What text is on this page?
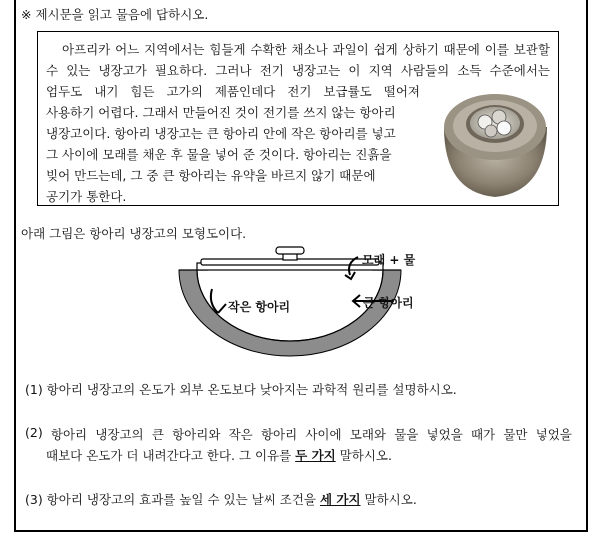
※ 제시문을 읽고 물음에 답하시오.
아프리카 어느 지역에서는 힘들게 수확한 채소나 과일이 쉽게 상하기 때문에 이를 보관할
수 있는 냉장고가 필요하다. 그러나 전기 냉장고는 이 지역 사람들의 소득 수준에서는
엄두도 내기 힘든 고가의 제품인데다 전기 보급률도 떨어져
사용하기 어렵다. 그래서 만들어진 것이 전기를 쓰지 않는 항아리
냉장고이다. 항아리 냉장고는 큰 항아리 안에 작은 항아리를 넣고
그 사이에 모래를 채운 후 물을 넣어 준 것이다. 항아리는 진흙을
빚어 만드는데, 그 중 큰 항아리는 유약을 바르지 않기 때문에
공기가 통한다.
아래 그림은 항아리 냉장고의 모형도이다.
모래 + 물
작은 항아리	큰 항아리
(1) 항아리 냉장고의 온도가 외부 온도보다 낮아지는 과학적 원리를 설명하시오.
(2) 항아리 냉장고의 큰 항아리와 작은 항아리 사이에 모래와 물을 넣었을 때가 물만 넣었을
때보다 온도가 더 내려간다고 한다. 그 이유를 두 가지 말하시오.
(3) 항아리 냉장고의 효과를 높일 수 있는 날씨 조건을 세 가지 말하시오.
